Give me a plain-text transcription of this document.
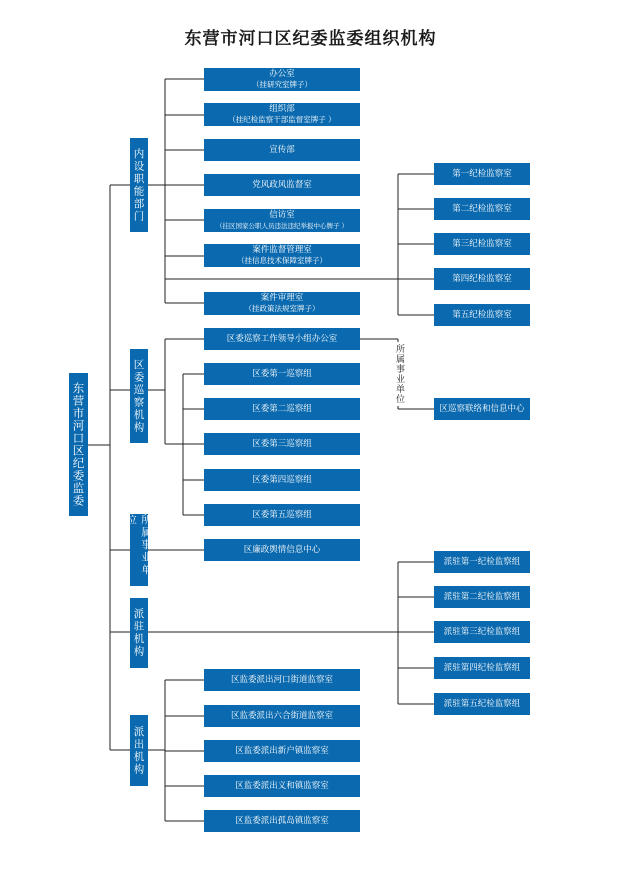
东营市河口区纪委监委组织机构
东营市河口区纪委监委
内设职能部门
区委巡察机构
所属事业单位
派驻机构
派出机构
办公室
（挂研究室牌子）
组织部
（挂纪检监察干部监督室牌子 ）
宣传部
党风政风监督室
信访室
（挂区国家公职人员违法违纪举报中心牌子 ）
案件监督管理室
（挂信息技术保障室牌子）
案件审理室
（挂政策法规室牌子）
第一纪检监察室
第二纪检监察室
第三纪检监察室
第四纪检监察室
第五纪检监察室
区委巡察工作领导小组办公室
区委第一巡察组
区委第二巡察组
区委第三巡察组
区委第四巡察组
区委第五巡察组
所属事业单位
区巡察联络和信息中心
区廉政舆情信息中心
派驻第一纪检监察组
派驻第二纪检监察组
派驻第三纪检监察组
派驻第四纪检监察组
派驻第五纪检监察组
区监委派出河口街道监察室
区监委派出六合街道监察室
区监委派出新户镇监察室
区监委派出义和镇监察室
区监委派出孤岛镇监察室
